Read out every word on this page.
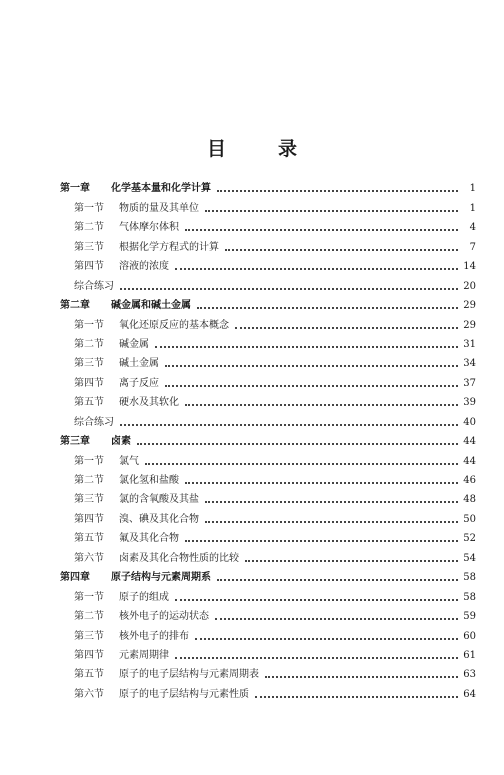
目	录
第一章	化学基本量和化学计算	1
第一节	物质的量及其单位	1
第二节	气体摩尔体积	4
第三节	根据化学方程式的计算	7
第四节	溶液的浓度	14
综合练习	20
第二章	碱金属和碱土金属	29
第一节	氧化还原反应的基本概念	29
第二节	碱金属	31
第三节	碱土金属	34
第四节	离子反应	37
第五节	硬水及其软化	39
综合练习	40
第三章	卤素	44
第一节	氯气	44
第二节	氯化氢和盐酸	46
第三节	氯的含氧酸及其盐	48
第四节	溴、碘及其化合物	50
第五节	氟及其化合物	52
第六节	卤素及其化合物性质的比较	54
第四章	原子结构与元素周期系	58
第一节	原子的组成	58
第二节	核外电子的运动状态	59
第三节	核外电子的排布	60
第四节	元素周期律	61
第五节	原子的电子层结构与元素周期表	63
第六节	原子的电子层结构与元素性质	64
